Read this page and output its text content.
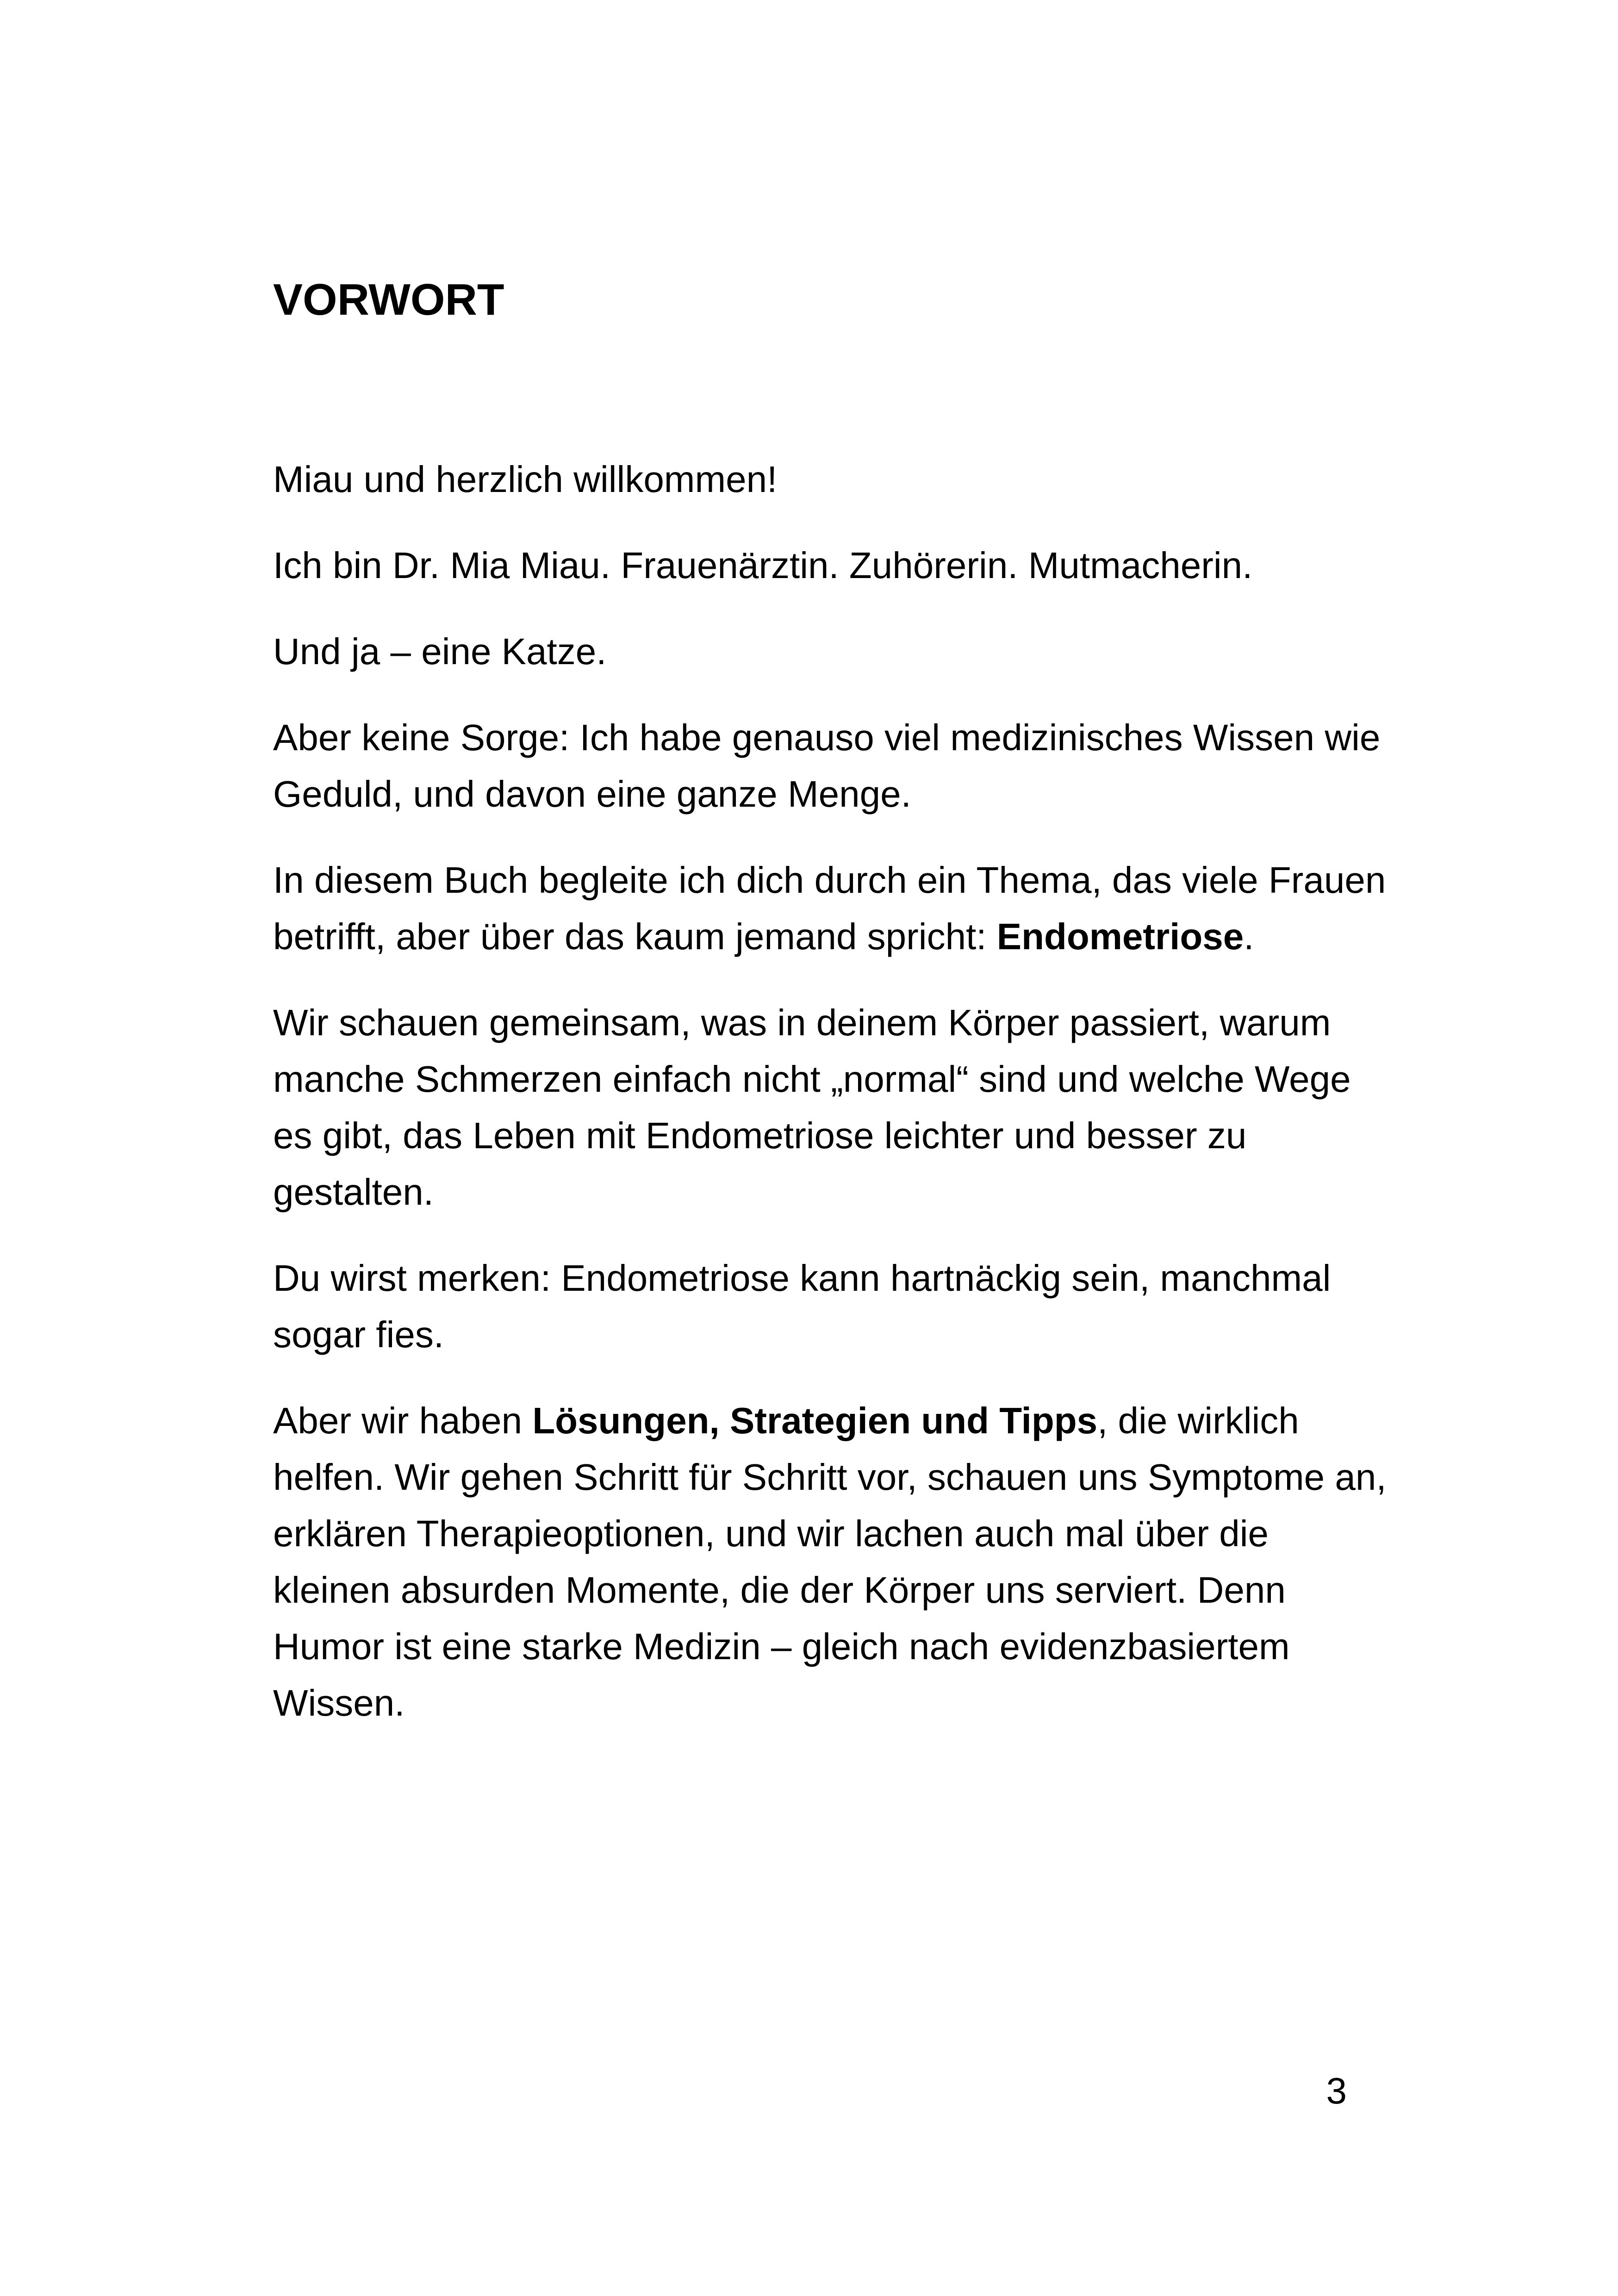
VORWORT

Miau und herzlich willkommen!

Ich bin Dr. Mia Miau. Frauenärztin. Zuhörerin. Mutmacherin.

Und ja – eine Katze.

Aber keine Sorge: Ich habe genauso viel medizinisches Wissen wie Geduld, und davon eine ganze Menge.

In diesem Buch begleite ich dich durch ein Thema, das viele Frauen betrifft, aber über das kaum jemand spricht: Endometriose.

Wir schauen gemeinsam, was in deinem Körper passiert, warum manche Schmerzen einfach nicht „normal“ sind und welche Wege es gibt, das Leben mit Endometriose leichter und besser zu gestalten.

Du wirst merken: Endometriose kann hartnäckig sein, manchmal sogar fies.

Aber wir haben Lösungen, Strategien und Tipps, die wirklich helfen. Wir gehen Schritt für Schritt vor, schauen uns Symptome an, erklären Therapieoptionen, und wir lachen auch mal über die kleinen absurden Momente, die der Körper uns serviert. Denn Humor ist eine starke Medizin – gleich nach evidenzbasiertem Wissen.

3
